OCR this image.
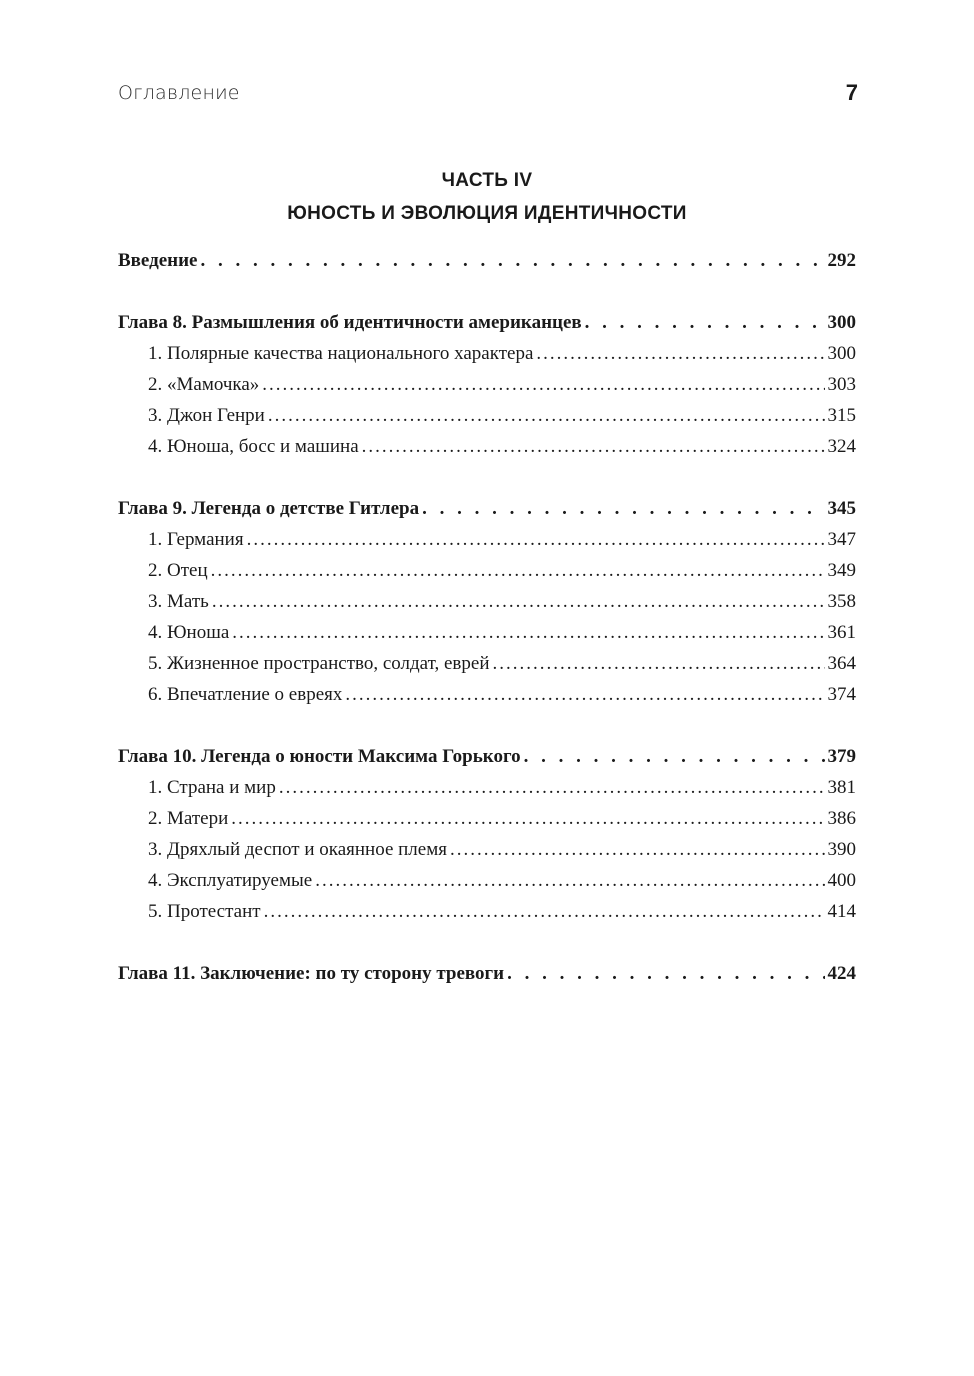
Оглавление	7
ЧАСТЬ IV
ЮНОСТЬ И ЭВОЛЮЦИЯ ИДЕНТИЧНОСТИ
Введение . . .	292
Глава 8. Размышления об идентичности американцев . . .	300
1. Полярные качества национального характера .....	300
2. «Мамочка» .....	303
3. Джон Генри .....	315
4. Юноша, босс и машина .....	324
Глава 9. Легенда о детстве Гитлера . . .	345
1. Германия .....	347
2. Отец .....	349
3. Мать .....	358
4. Юноша .....	361
5. Жизненное пространство, солдат, еврей .....	364
6. Впечатление о евреях .....	374
Глава 10. Легенда о юности Максима Горького . . .	379
1. Страна и мир .....	381
2. Матери .....	386
3. Дряхлый деспот и окаянное племя .....	390
4. Эксплуатируемые .....	400
5. Протестант .....	414
Глава 11. Заключение: по ту сторону тревоги . . .	424
